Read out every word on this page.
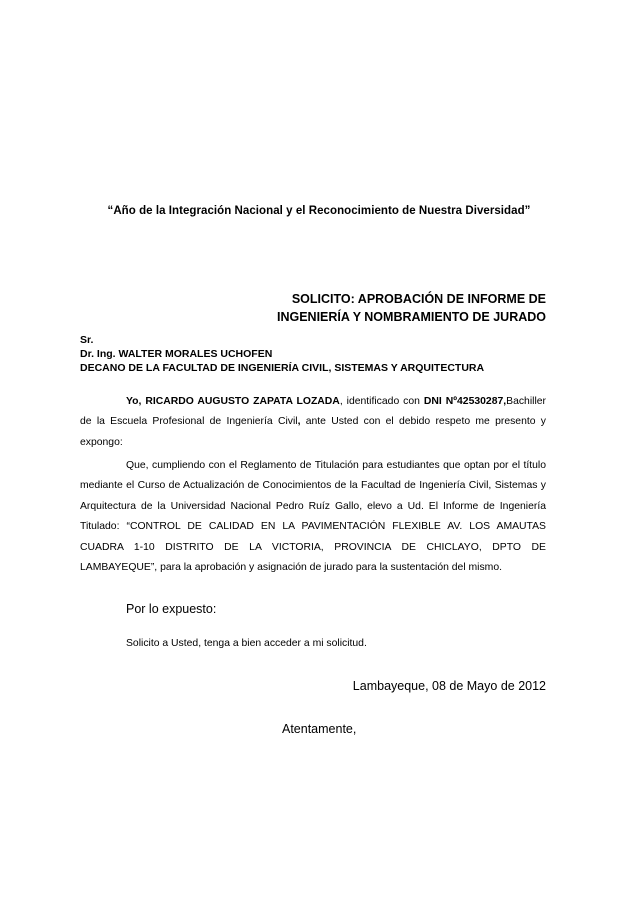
“Año de la Integración Nacional y el Reconocimiento de Nuestra Diversidad”
SOLICITO: APROBACIÓN DE INFORME DE
INGENIERÍA Y NOMBRAMIENTO DE JURADO
Sr.
Dr. Ing. WALTER MORALES UCHOFEN
DECANO DE LA FACULTAD DE INGENIERÍA CIVIL, SISTEMAS Y ARQUITECTURA

Yo, RICARDO AUGUSTO ZAPATA LOZADA, identificado con DNI Nº42530287,Bachiller de la Escuela Profesional de Ingeniería Civil, ante Usted con el debido respeto me presento y expongo:

Que, cumpliendo con el Reglamento de Titulación para estudiantes que optan por el título mediante el Curso de Actualización de Conocimientos de la Facultad de Ingeniería Civil, Sistemas y Arquitectura de la Universidad Nacional Pedro Ruíz Gallo, elevo a Ud. El Informe de Ingeniería Titulado: “CONTROL DE CALIDAD EN LA PAVIMENTACIÓN FLEXIBLE AV. LOS AMAUTAS CUADRA 1-10 DISTRITO DE LA VICTORIA, PROVINCIA DE CHICLAYO, DPTO DE LAMBAYEQUE”, para la aprobación y asignación de jurado para la sustentación del mismo.

Por lo expuesto:
Solicito a Usted, tenga a bien acceder a mi solicitud.
Lambayeque, 08 de Mayo de 2012
Atentamente,
